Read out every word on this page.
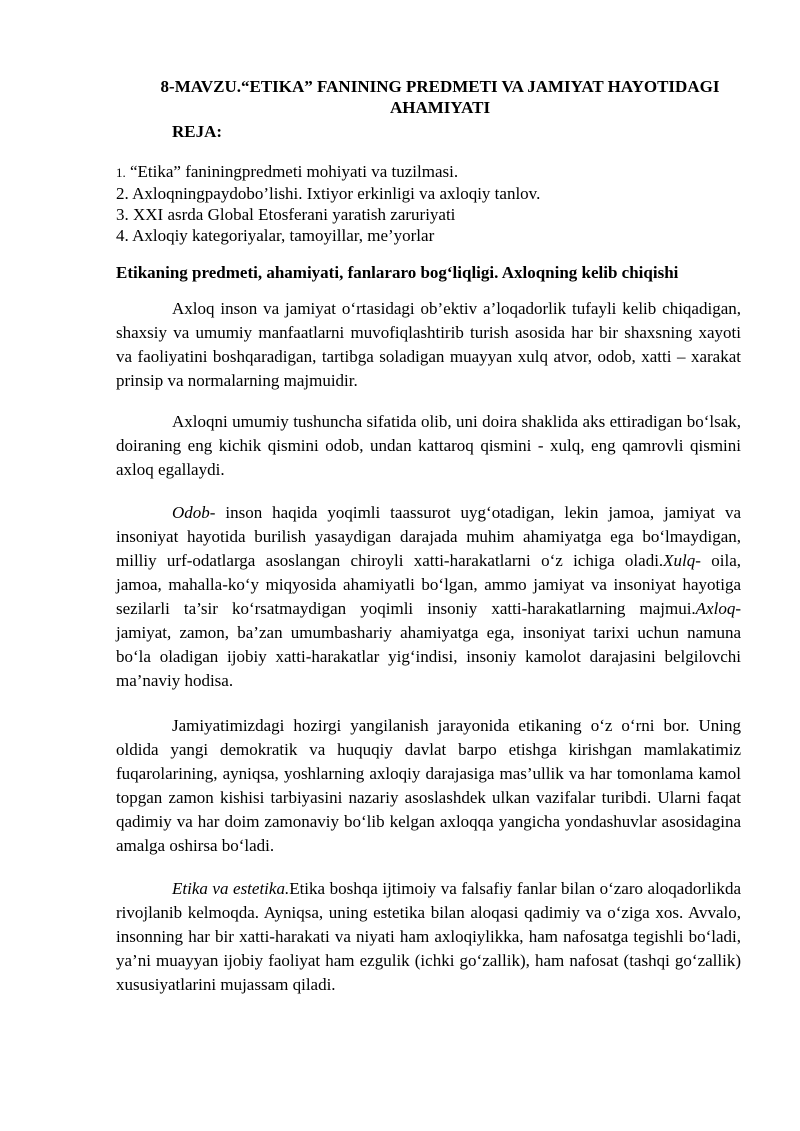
8-MAVZU.“ETIKA” FANINING PREDMETI VA JAMIYAT HAYOTIDAGI AHAMIYATI
REJA:
1. “Etika” faniningpredmeti mohiyati va tuzilmasi.
2. Axloqningpaydobo’lishi. Ixtiyor erkinligi va axloqiy tanlov.
3. XXI asrda Global Etosferani yaratish zaruriyati
4. Axloqiy kategoriyalar, tamoyillar, me’yorlar
Etikaning predmeti, ahamiyati, fanlararo bog‘liqligi. Axloqning kelib chiqishi

Axloq inson va jamiyat o‘rtasidagi ob’ektiv a’loqadorlik tufayli kelib chiqadigan, shaxsiy va umumiy manfaatlarni muvofiqlashtirib turish asosida har bir shaxsning xayoti va faoliyatini boshqaradigan, tartibga soladigan muayyan xulq atvor, odob, xatti – xarakat prinsip va normalarning majmuidir.

Axloqni umumiy tushuncha sifatida olib, uni doira shaklida aks ettiradigan bo‘lsak, doiraning eng kichik qismini odob, undan kattaroq qismini - xulq, eng qamrovli qismini axloq egallaydi.

Odob- inson haqida yoqimli taassurot uyg‘otadigan, lekin jamoa, jamiyat va insoniyat hayotida burilish yasaydigan darajada muhim ahamiyatga ega bo‘lmaydigan, milliy urf-odatlarga asoslangan chiroyli xatti-harakatlarni o‘z ichiga oladi.Xulq- oila, jamoa, mahalla-ko‘y miqyosida ahamiyatli bo‘lgan, ammo jamiyat va insoniyat hayotiga sezilarli ta’sir ko‘rsatmaydigan yoqimli insoniy xatti-harakatlarning majmui.Axloq- jamiyat, zamon, ba’zan umumbashariy ahamiyatga ega, insoniyat tarixi uchun namuna bo‘la oladigan ijobiy xatti-harakatlar yig‘indisi, insoniy kamolot darajasini belgilovchi ma’naviy hodisa.

Jamiyatimizdagi hozirgi yangilanish jarayonida etikaning o‘z o‘rni bor. Uning oldida yangi demokratik va huquqiy davlat barpo etishga kirishgan mamlakatimiz fuqarolarining, ayniqsa, yoshlarning axloqiy darajasiga mas’ullik va har tomonlama kamol topgan zamon kishisi tarbiyasini nazariy asoslashdek ulkan vazifalar turibdi. Ularni faqat qadimiy va har doim zamonaviy bo‘lib kelgan axloqqa yangicha yondashuvlar asosidagina amalga oshirsa bo‘ladi.

Etika va estetika.Etika boshqa ijtimoiy va falsafiy fanlar bilan o‘zaro aloqadorlikda rivojlanib kelmoqda. Ayniqsa, uning estetika bilan aloqasi qadimiy va o‘ziga xos. Avvalo, insonning har bir xatti-harakati va niyati ham axloqiylikka, ham nafosatga tegishli bo‘ladi, ya’ni muayyan ijobiy faoliyat ham ezgulik (ichki go‘zallik), ham nafosat (tashqi go‘zallik) xususiyatlarini mujassam qiladi.
